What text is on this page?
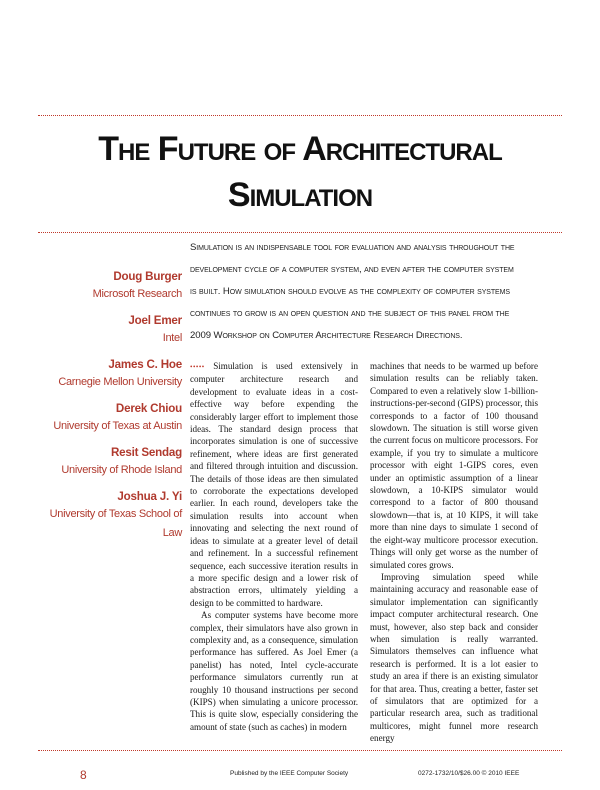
The Future of Architectural Simulation
Simulation is an indispensable tool for evaluation and analysis throughout the development cycle of a computer system, and even after the computer system is built. How simulation should evolve as the complexity of computer systems continues to grow is an open question and the subject of this panel from the 2009 Workshop on Computer Architecture Research Directions.
Doug Burger
Microsoft Research
Joel Emer
Intel
James C. Hoe
Carnegie Mellon University
Derek Chiou
University of Texas at Austin
Resit Sendag
University of Rhode Island
Joshua J. Yi
University of Texas School of Law

••••• Simulation is used extensively in computer architecture research and development to evaluate ideas in a cost-effective way before expending the considerably larger effort to implement those ideas. The standard design process that incorporates simulation is one of successive refinement, where ideas are first generated and filtered through intuition and discussion. The details of those ideas are then simulated to corroborate the expectations developed earlier. In each round, developers take the simulation results into account when innovating and selecting the next round of ideas to simulate at a greater level of detail and refinement. In a successful refinement sequence, each successive iteration results in a more specific design and a lower risk of abstraction errors, ultimately yielding a design to be committed to hardware.

As computer systems have become more complex, their simulators have also grown in complexity and, as a consequence, simulation performance has suffered. As Joel Emer (a panelist) has noted, Intel cycle-accurate performance simulators currently run at roughly 10 thousand instructions per second (KIPS) when simulating a unicore processor. This is quite slow, especially considering the amount of state (such as caches) in modern

machines that needs to be warmed up before simulation results can be reliably taken. Compared to even a relatively slow 1-billion-instructions-per-second (GIPS) processor, this corresponds to a factor of 100 thousand slowdown. The situation is still worse given the current focus on multicore processors. For example, if you try to simulate a multicore processor with eight 1-GIPS cores, even under an optimistic assumption of a linear slowdown, a 10-KIPS simulator would correspond to a factor of 800 thousand slowdown—that is, at 10 KIPS, it will take more than nine days to simulate 1 second of the eight-way multicore processor execution. Things will only get worse as the number of simulated cores grows.

Improving simulation speed while maintaining accuracy and reasonable ease of simulator implementation can significantly impact computer architectural research. One must, however, also step back and consider when simulation is really warranted. Simulators themselves can influence what research is performed. It is a lot easier to study an area if there is an existing simulator for that area. Thus, creating a better, faster set of simulators that are optimized for a particular research area, such as traditional multicores, might funnel more research energy

8	Published by the IEEE Computer Society	0272-1732/10/$26.00 © 2010 IEEE
